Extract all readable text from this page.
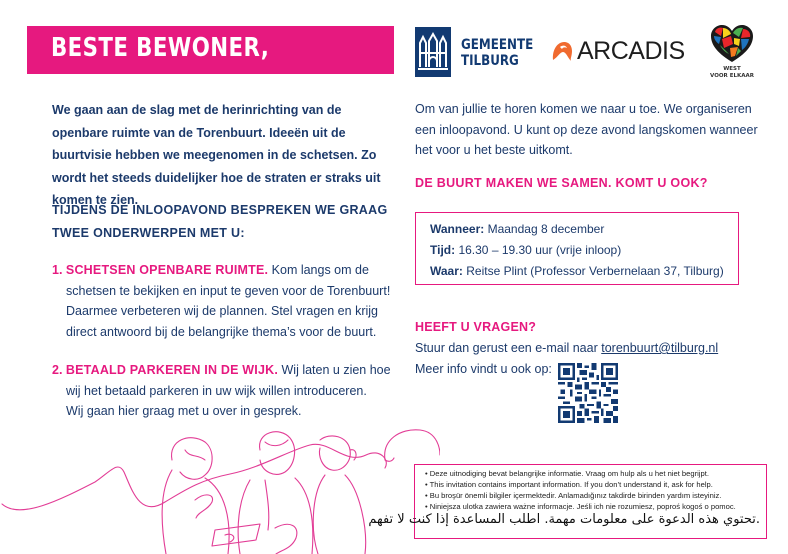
BESTE BEWONER,	GEMEENTE
TILBURG	ARCADIS
WEST
VOOR ELKAAR

We gaan aan de slag met de herinrichting van de openbare ruimte van de Torenbuurt. Ideeën uit de buurtvisie hebben we meegenomen in de schetsen. Zo wordt het steeds duidelijker hoe de straten er straks uit komen te zien.

TIJDENS DE INLOOPAVOND BESPREKEN WE GRAAG TWEE ONDERWERPEN MET U:

1. SCHETSEN OPENBARE RUIMTE. Kom langs om de
schetsen te bekijken en input te geven voor de Torenbuurt!
Daarmee verbeteren wij de plannen. Stel vragen en krijg
direct antwoord bij de belangrijke thema’s voor de buurt.
2. BETAALD PARKEREN IN DE WIJK. Wij laten u zien hoe
wij het betaald parkeren in uw wijk willen introduceren.
Wij gaan hier graag met u over in gesprek.

Om van jullie te horen komen we naar u toe. We organiseren een inloopavond. U kunt op deze avond langskomen wanneer het voor u het beste uitkomt.

DE BUURT MAKEN WE SAMEN. KOMT U OOK?
Wanneer: Maandag 8 december
Tijd: 16.30 – 19.30 uur (vrije inloop)
Waar: Reitse Plint (Professor Verbernelaan 37, Tilburg)
HEEFT U VRAGEN?
Stuur dan gerust een e-mail naar torenbuurt@tilburg.nl
Meer info vindt u ook op:
• Deze uitnodiging bevat belangrijke informatie. Vraag om hulp als u het niet begrijpt.
• This invitation contains important information. If you don’t understand it, ask for help.
• Bu broşür önemli bilgiler içermektedir. Anlamadığınız takdirde birinden yardım isteyiniz.
• Niniejsza ulotka zawiera ważne informacje. Jeśli ich nie rozumiesz, poproś kogoś o pomoc.
.تحتوي هذه الدعوة على معلومات مهمة. اطلب المساعدة إذا كنت لا تفهم
